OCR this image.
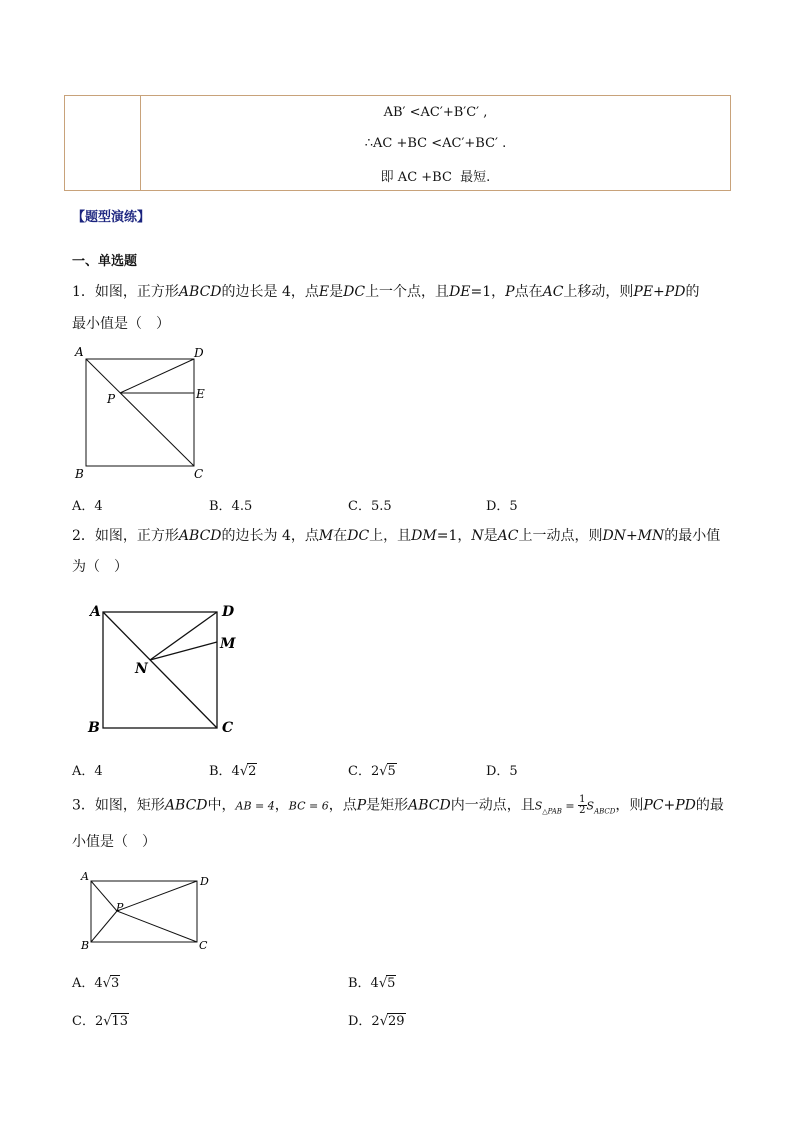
AB′ <AC′+B′C′ ,
∴AC +BC <AC′+BC′ .
即 AC +BC  最短.
【题型演练】
一、单选题
1．如图，正方形ABCD的边长是 4，点E是DC上一个点，且DE=1，P点在AC上移动，则PE+PD的
最小值是（　）
A	D
B	C
P	E
A．4	B．4.5	C．5.5	D．5
2．如图，正方形ABCD的边长为 4，点M在DC上，且DM=1，N是AC上一动点，则DN+MN的最小值
为（　）
A	D
B	C
N
M
A．4	B．4√2	C．2√5	D．5
3．如图，矩形ABCD中，AB = 4，BC = 6，点P是矩形ABCD内一动点，且$S_{\triangle PAB} = \frac{1}{2} S_{ABCD}$，则PC+PD的最
小值是（　）
A	D
B	C
P
A．4√3	B．4√5
C．2√13	D．2√29
